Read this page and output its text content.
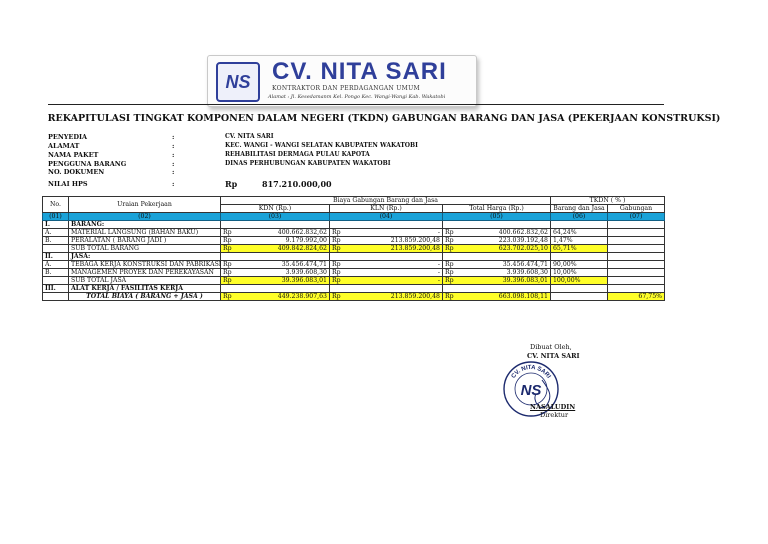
NS CV. NITA SARI
KONTRAKTOR DAN PERDAGANGAN UMUM
Alamat : Jl. Kesedamanm Kel. Pongo Kec. Wangi-Wangi Kab. Wakatobi
REKAPITULASI TINGKAT KOMPONEN DALAM NEGERI (TKDN) GABUNGAN BARANG DAN JASA (PEKERJAAN KONSTRUKSI)
PENYEDIA	:	CV. NITA SARI
ALAMAT	:	KEC. WANGI - WANGI SELATAN KABUPATEN WAKATOBI
NAMA PAKET	:	REHABILITASI DERMAGA PULAU KAPOTA
PENGGUNA BARANG	:	DINAS PERHUBUNGAN KABUPATEN WAKATOBI
NO. DOKUMEN	:
NILAI HPS	:	Rp	817.210.000,00
No.	Uraian Pekerjaan	Biaya Gabungan Barang dan Jasa						TKDN ( % )	
		KDN (Rp.)		KLN (Rp.)		Total Harga (Rp.)		Barang dan Jasa	Gabungan
(01)	(02)	(03)		(04)		(05)		(06)	(07)
I.	BARANG:								
A.	MATERIAL LANGSUNG (BAHAN BAKU)	Rp	400.662.832,62	Rp	-	Rp	400.662.832,62	64,24%	
B.	PERALATAN ( BARANG JADI )	Rp	9.179.992,00	Rp	213.859.200,48	Rp	223.039.192,48	1,47%	
	SUB TOTAL BARANG	Rp	409.842.824,62	Rp	213.859.200,48	Rp	623.702.025,10	65,71%	
II.	JASA:								
A.	TEBAGA KERJA KONSTRUKSI DAN PABRIKASI	Rp	35.456.474,71	Rp	-	Rp	35.456.474,71	90,00%	
B.	MANAGEMEN PROYEK DAN PEREKAYASAN	Rp	3.939.608,30	Rp	-	Rp	3.939.608,30	10,00%	
	SUB TOTAL JASA	Rp	39.396.083,01	Rp	-	Rp	39.396.083,01	100,00%	
III.	ALAT KERJA / FASILITAS KERJA								
	TOTAL BIAYA ( BARANG + JASA )	Rp	449.238.907,63	Rp	213.859.200,48	Rp	663.098.108,11		67,75%
Dibuat Oleh,
CV. NITA SARI
CV. NITA SARI
NS
NASALUDIN
Direktur
